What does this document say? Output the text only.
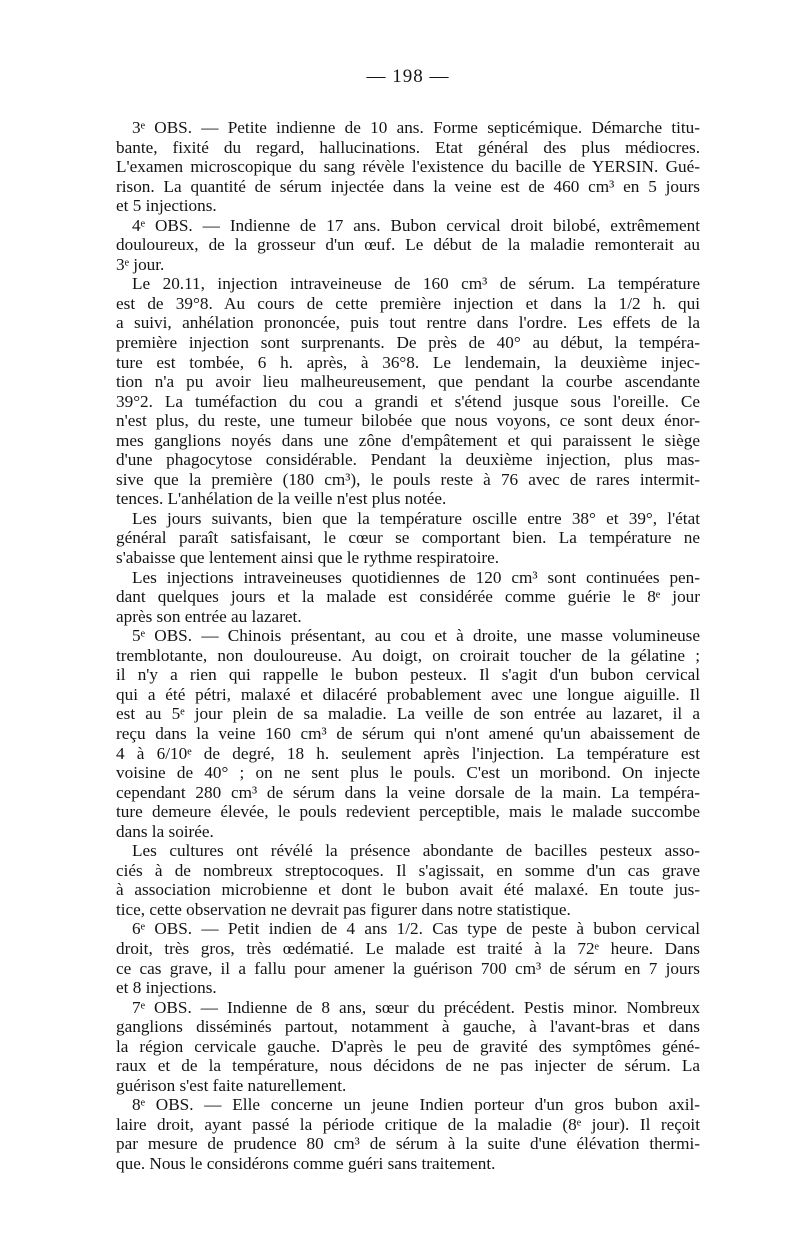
— 198 —
3ᵉ OBS. — Petite indienne de 10 ans. Forme septicémique. Démarche titu-
bante, fixité du regard, hallucinations. Etat général des plus médiocres.
L'examen microscopique du sang révèle l'existence du bacille de YERSIN. Gué-
rison. La quantité de sérum injectée dans la veine est de 460 cm³ en 5 jours
et 5 injections.
4ᵉ OBS. — Indienne de 17 ans. Bubon cervical droit bilobé, extrêmement
douloureux, de la grosseur d'un œuf. Le début de la maladie remonterait au
3ᵉ jour.
Le 20.11, injection intraveineuse de 160 cm³ de sérum. La température
est de 39°8. Au cours de cette première injection et dans la 1/2 h. qui
a suivi, anhélation prononcée, puis tout rentre dans l'ordre. Les effets de la
première injection sont surprenants. De près de 40° au début, la tempéra-
ture est tombée, 6 h. après, à 36°8. Le lendemain, la deuxième injec-
tion n'a pu avoir lieu malheureusement, que pendant la courbe ascendante
39°2. La tuméfaction du cou a grandi et s'étend jusque sous l'oreille. Ce
n'est plus, du reste, une tumeur bilobée que nous voyons, ce sont deux énor-
mes ganglions noyés dans une zône d'empâtement et qui paraissent le siège
d'une phagocytose considérable. Pendant la deuxième injection, plus mas-
sive que la première (180 cm³), le pouls reste à 76 avec de rares intermit-
tences. L'anhélation de la veille n'est plus notée.
Les jours suivants, bien que la température oscille entre 38° et 39°, l'état
général paraît satisfaisant, le cœur se comportant bien. La température ne
s'abaisse que lentement ainsi que le rythme respiratoire.
Les injections intraveineuses quotidiennes de 120 cm³ sont continuées pen-
dant quelques jours et la malade est considérée comme guérie le 8ᵉ jour
après son entrée au lazaret.
5ᵉ OBS. — Chinois présentant, au cou et à droite, une masse volumineuse
tremblotante, non douloureuse. Au doigt, on croirait toucher de la gélatine ;
il n'y a rien qui rappelle le bubon pesteux. Il s'agit d'un bubon cervical
qui a été pétri, malaxé et dilacéré probablement avec une longue aiguille. Il
est au 5ᵉ jour plein de sa maladie. La veille de son entrée au lazaret, il a
reçu dans la veine 160 cm³ de sérum qui n'ont amené qu'un abaissement de
4 à 6/10ᵉ de degré, 18 h. seulement après l'injection. La température est
voisine de 40° ; on ne sent plus le pouls. C'est un moribond. On injecte
cependant 280 cm³ de sérum dans la veine dorsale de la main. La tempéra-
ture demeure élevée, le pouls redevient perceptible, mais le malade succombe
dans la soirée.
Les cultures ont révélé la présence abondante de bacilles pesteux asso-
ciés à de nombreux streptocoques. Il s'agissait, en somme d'un cas grave
à association microbienne et dont le bubon avait été malaxé. En toute jus-
tice, cette observation ne devrait pas figurer dans notre statistique.
6ᵉ OBS. — Petit indien de 4 ans 1/2. Cas type de peste à bubon cervical
droit, très gros, très œdématié. Le malade est traité à la 72ᵉ heure. Dans
ce cas grave, il a fallu pour amener la guérison 700 cm³ de sérum en 7 jours
et 8 injections.
7ᵉ OBS. — Indienne de 8 ans, sœur du précédent. Pestis minor. Nombreux
ganglions disséminés partout, notamment à gauche, à l'avant-bras et dans
la région cervicale gauche. D'après le peu de gravité des symptômes géné-
raux et de la température, nous décidons de ne pas injecter de sérum. La
guérison s'est faite naturellement.
8ᵉ OBS. — Elle concerne un jeune Indien porteur d'un gros bubon axil-
laire droit, ayant passé la période critique de la maladie (8ᵉ jour). Il reçoit
par mesure de prudence 80 cm³ de sérum à la suite d'une élévation thermi-
que. Nous le considérons comme guéri sans traitement.
